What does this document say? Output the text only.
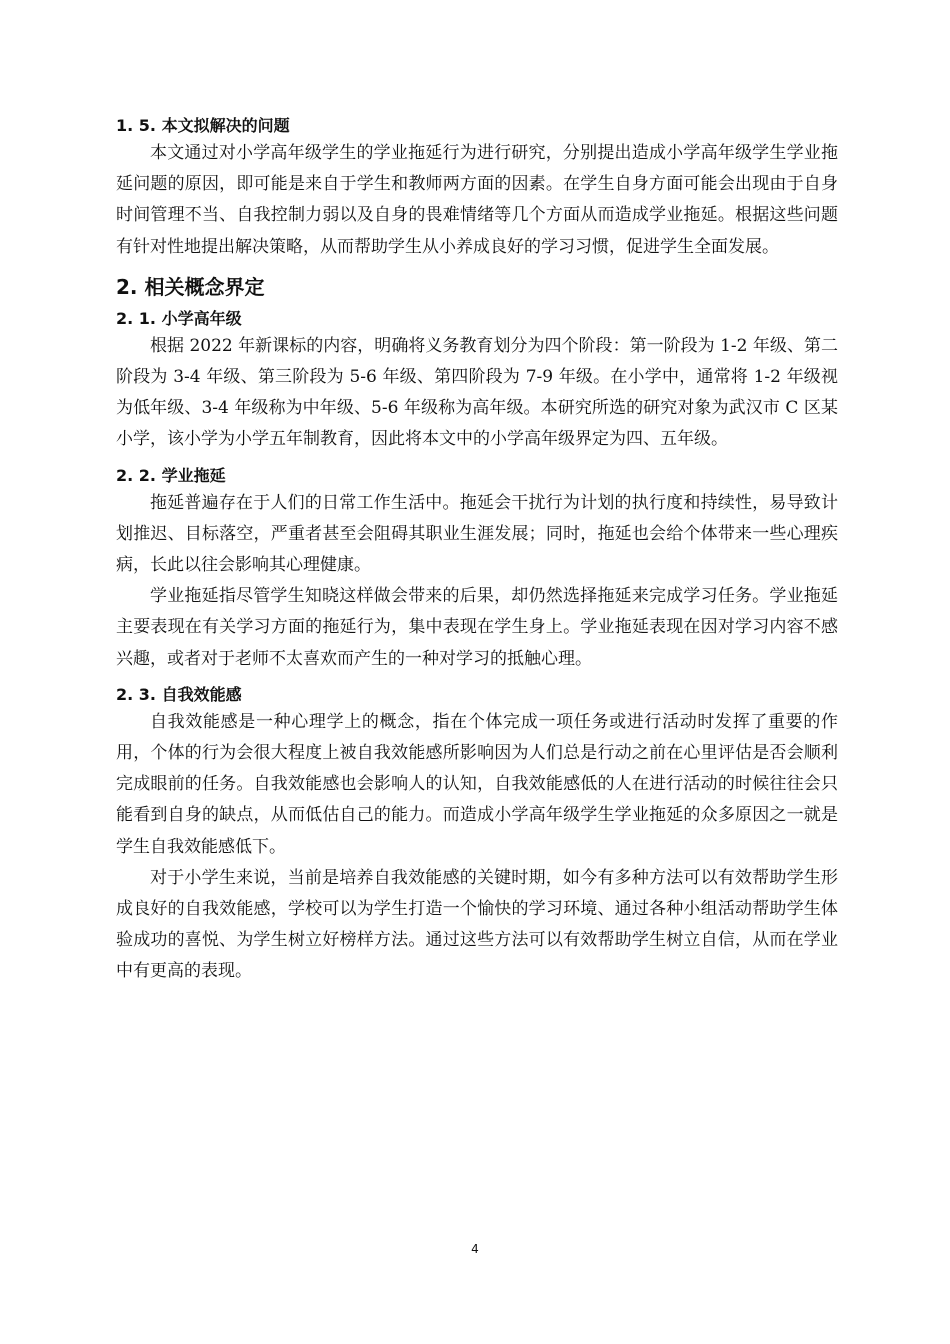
1. 5. 本文拟解决的问题

本文通过对小学高年级学生的学业拖延行为进行研究，分别提出造成小学高年级学生学业拖延问题的原因，即可能是来自于学生和教师两方面的因素。在学生自身方面可能会出现由于自身时间管理不当、自我控制力弱以及自身的畏难情绪等几个方面从而造成学业拖延。根据这些问题有针对性地提出解决策略，从而帮助学生从小养成良好的学习习惯，促进学生全面发展。

2. 相关概念界定
2. 1. 小学高年级

根据 2022 年新课标的内容，明确将义务教育划分为四个阶段：第一阶段为 1-2 年级、第二阶段为 3-4 年级、第三阶段为 5-6 年级、第四阶段为 7-9 年级。在小学中，通常将 1-2 年级视为低年级、3-4 年级称为中年级、5-6 年级称为高年级。本研究所选的研究对象为武汉市 C 区某小学，该小学为小学五年制教育，因此将本文中的小学高年级界定为四、五年级。

2. 2. 学业拖延

拖延普遍存在于人们的日常工作生活中。拖延会干扰行为计划的执行度和持续性，易导致计划推迟、目标落空，严重者甚至会阻碍其职业生涯发展；同时，拖延也会给个体带来一些心理疾病，长此以往会影响其心理健康。

学业拖延指尽管学生知晓这样做会带来的后果，却仍然选择拖延来完成学习任务。学业拖延主要表现在有关学习方面的拖延行为，集中表现在学生身上。学业拖延表现在因对学习内容不感兴趣，或者对于老师不太喜欢而产生的一种对学习的抵触心理。

2. 3. 自我效能感

自我效能感是一种心理学上的概念，指在个体完成一项任务或进行活动时发挥了重要的作用，个体的行为会很大程度上被自我效能感所影响因为人们总是行动之前在心里评估是否会顺利完成眼前的任务。自我效能感也会影响人的认知，自我效能感低的人在进行活动的时候往往会只能看到自身的缺点，从而低估自己的能力。而造成小学高年级学生学业拖延的众多原因之一就是学生自我效能感低下。

对于小学生来说，当前是培养自我效能感的关键时期，如今有多种方法可以有效帮助学生形成良好的自我效能感，学校可以为学生打造一个愉快的学习环境、通过各种小组活动帮助学生体验成功的喜悦、为学生树立好榜样方法。通过这些方法可以有效帮助学生树立自信，从而在学业中有更高的表现。

4
